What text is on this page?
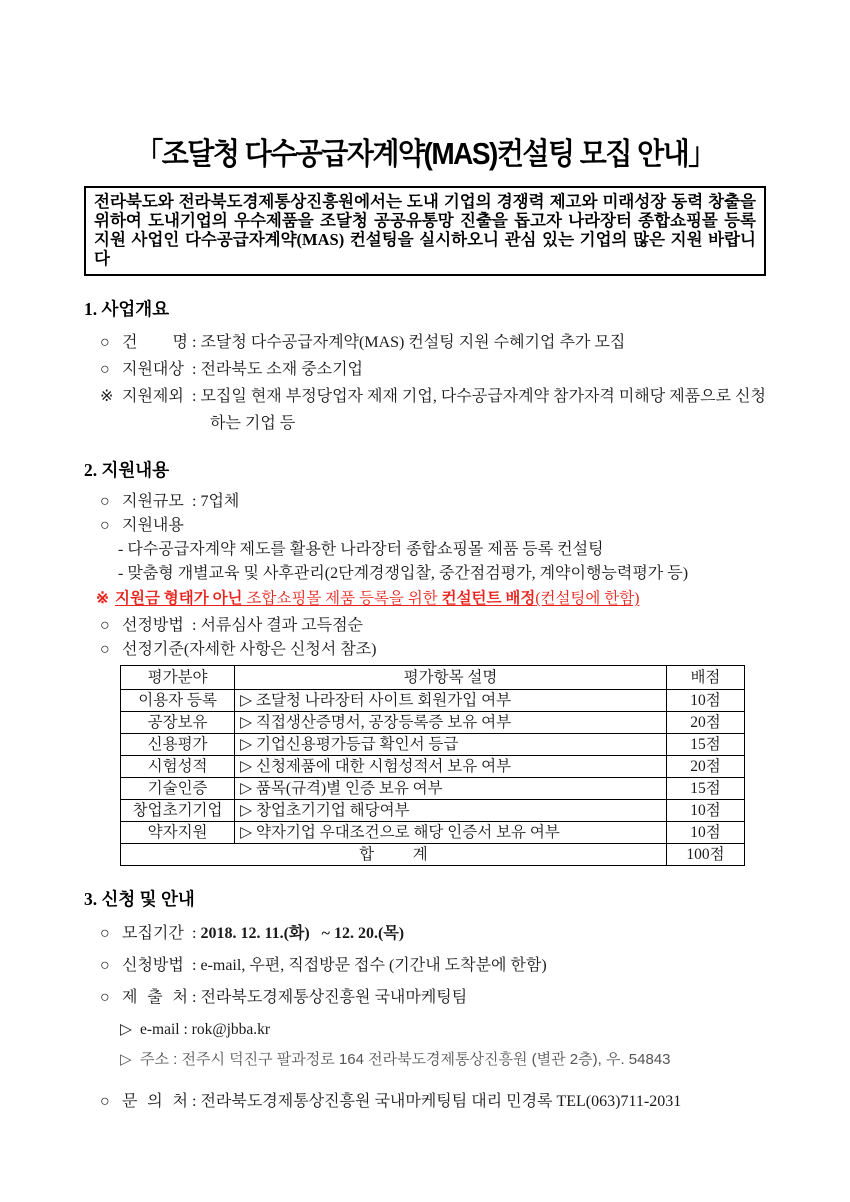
「조달청 다수공급자계약(MAS)컨설팅 모집 안내」
전라북도와 전라북도경제통상진흥원에서는 도내 기업의 경쟁력 제고와 미래성장 동력 창출을 위하여 도내기업의 우수제품을 조달청 공공유통망 진출을 돕고자 나라장터 종합쇼핑몰 등록 지원 사업인 다수공급자계약(MAS) 컨설팅을 실시하오니 관심 있는 기업의 많은 지원 바랍니다
1. 사업개요
○ 건      명 : 조달청 다수공급자계약(MAS) 컨설팅 지원 수혜기업 추가 모집
○ 지원대상 : 전라북도 소재 중소기업
※ 지원제외 : 모집일 현재 부정당업자 제재 기업, 다수공급자계약 참가자격 미해당 제품으로 신청하는 기업 등
2. 지원내용
○ 지원규모 : 7업체
○ 지원내용
- 다수공급자계약 제도를 활용한 나라장터 종합쇼핑몰 제품 등록 컨설팅
- 맞춤형 개별교육 및 사후관리(2단계경쟁입찰, 중간점검평가, 계약이행능력평가 등)
※ 지원금 형태가 아닌 조합쇼핑몰 제품 등록을 위한 컨설턴트 배정(컨설팅에 한함)
○ 선정방법 : 서류심사 결과 고득점순
○ 선정기준(자세한 사항은 신청서 참조)
평가분야	평가항목 설명	배점
이용자 등록	▷ 조달청 나라장터 사이트 회원가입 여부	10점
공장보유	▷ 직접생산증명서, 공장등록증 보유 여부	20점
신용평가	▷ 기업신용평가등급 확인서 등급	15점
시험성적	▷ 신청제품에 대한 시험성적서 보유 여부	20점
기술인증	▷ 품목(규격)별 인증 보유 여부	15점
창업초기기업	▷ 창업초기기업 해당여부	10점
약자지원	▷ 약자기업 우대조건으로 해당 인증서 보유 여부	10점
합          계		100점
3. 신청 및 안내
○ 모집기간 : 2018. 12. 11.(화)   ~ 12. 20.(목)
○ 신청방법 : e-mail, 우편, 직접방문 접수 (기간내 도착분에 한함)
○ 제 출 처 : 전라북도경제통상진흥원 국내마케팅팀
▷ e-mail : rok@jbba.kr
▷ 주소 : 전주시 덕진구 팔과정로 164 전라북도경제통상진흥원 (별관 2층), 우. 54843
○ 문 의 처 : 전라북도경제통상진흥원 국내마케팅팀 대리 민경록 TEL(063)711-2031
